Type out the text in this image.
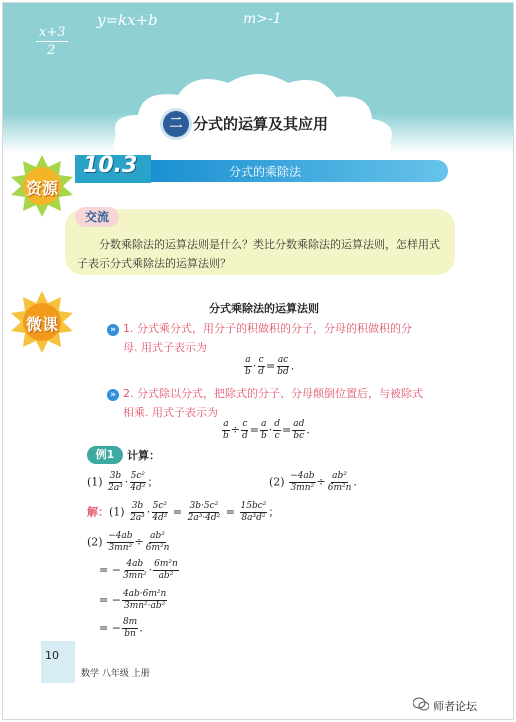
x+3
2
y=kx+b	m>-1
二 分式的运算及其应用
10.3	分式的乘除法
资源
交流
分数乘除法的运算法则是什么？类比分数乘除法的运算法则，怎样用式子表示分式乘除法的运算法则？
微课
分式乘除法的运算法则
» 1. 分式乘分式，用分子的积做积的分子，分母的积做积的分母. 用式子表示为
$\frac{a}{b} \cdot \frac{c}{d} = \frac{ac}{bd}$ .
» 2. 分式除以分式，把除式的分子、分母颠倒位置后，与被除式相乘. 用式子表示为
$\frac{a}{b} \div \frac{c}{d} = \frac{a}{b} \cdot \frac{d}{c} = \frac{ad}{bc}$ .
例1	计算：
$(1) \frac{3b}{\text{2a³}} \cdot \frac{\text{5c²}}{\text{4d²}}$ ；	$(2) \frac{-4ab}{\text{3mn²}} \div \frac{\text{ab²}}{\text{6m²n}}$ .
解：$(1) \frac{3b}{\text{2a³}} \cdot \frac{\text{5c²}}{\text{4d²}} = \frac{\text{3b·5c²}}{\text{2a³·4d²}} = \frac{\text{15bc²}}{\text{8a³d²}}$ ；
$(2) \frac{-4ab}{\text{3mn²}} \div \frac{\text{ab²}}{\text{6m²n}}$
= − $\frac{4ab}{\text{3mn²}} \cdot \frac{\text{6m²n}}{\text{ab²}}$
= − $\frac{\text{4ab·6m²n}}{\text{3mn²·ab²}}$
= − $\frac{8m}{bn}$ .
10
数学 八年级 上册
师者论坛
